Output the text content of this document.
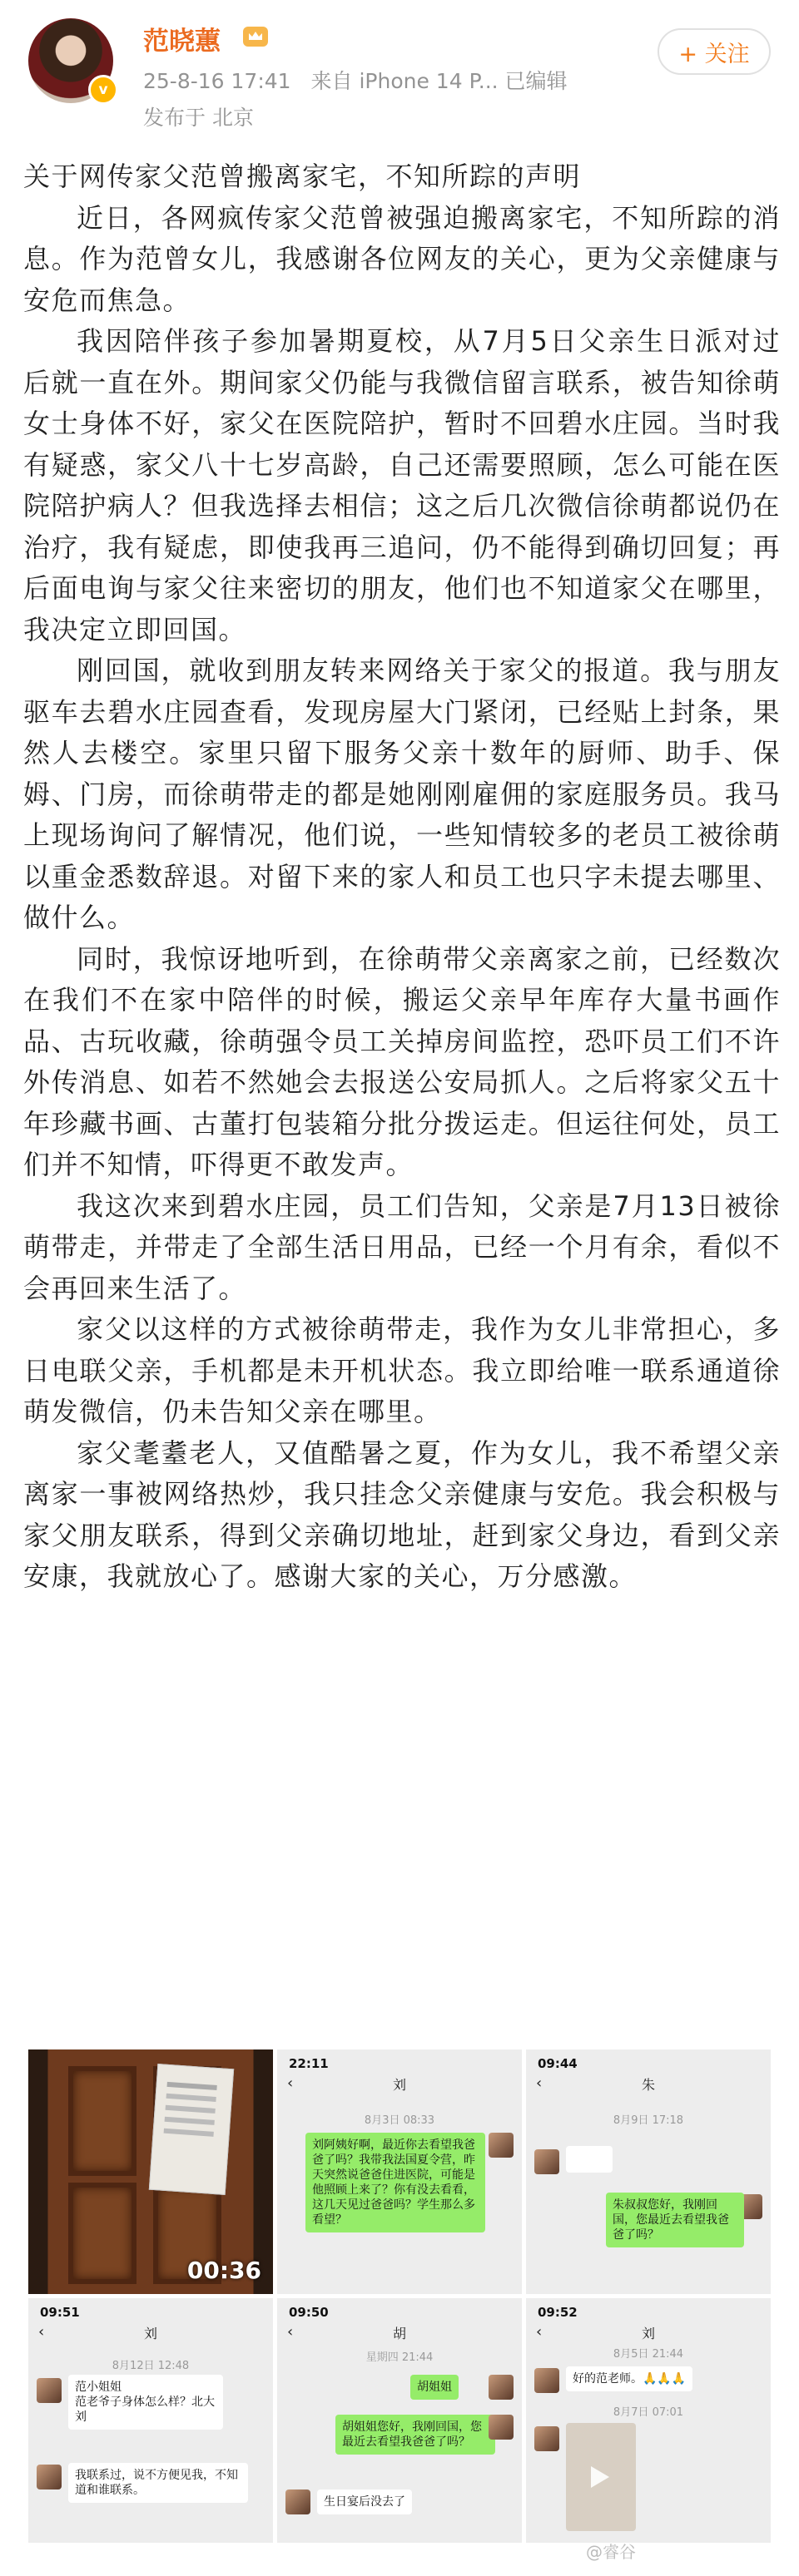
v
范晓蕙
25-8-16 17:41 来自 iPhone 14 P... 已编辑
发布于 北京
+ 关注

关于网传家父范曾搬离家宅，不知所踪的声明

近日，各网疯传家父范曾被强迫搬离家宅，不知所踪的消息。作为范曾女儿，我感谢各位网友的关心，更为父亲健康与安危而焦急。

我因陪伴孩子参加暑期夏校，从7月5日父亲生日派对过后就一直在外。期间家父仍能与我微信留言联系，被告知徐萌女士身体不好，家父在医院陪护，暂时不回碧水庄园。当时我有疑惑，家父八十七岁高龄，自己还需要照顾，怎么可能在医院陪护病人？但我选择去相信；这之后几次微信徐萌都说仍在治疗，我有疑虑，即使我再三追问，仍不能得到确切回复；再后面电询与家父往来密切的朋友，他们也不知道家父在哪里，我决定立即回国。

刚回国，就收到朋友转来网络关于家父的报道。我与朋友驱车去碧水庄园查看，发现房屋大门紧闭，已经贴上封条，果然人去楼空。家里只留下服务父亲十数年的厨师、助手、保姆、门房，而徐萌带走的都是她刚刚雇佣的家庭服务员。我马上现场询问了解情况，他们说，一些知情较多的老员工被徐萌以重金悉数辞退。对留下来的家人和员工也只字未提去哪里、做什么。

同时，我惊讶地听到，在徐萌带父亲离家之前，已经数次在我们不在家中陪伴的时候，搬运父亲早年库存大量书画作品、古玩收藏，徐萌强令员工关掉房间监控，恐吓员工们不许外传消息、如若不然她会去报送公安局抓人。之后将家父五十年珍藏书画、古董打包装箱分批分拨运走。但运往何处，员工们并不知情，吓得更不敢发声。

我这次来到碧水庄园，员工们告知，父亲是7月13日被徐萌带走，并带走了全部生活日用品，已经一个月有余，看似不会再回来生活了。

家父以这样的方式被徐萌带走，我作为女儿非常担心，多日电联父亲，手机都是未开机状态。我立即给唯一联系通道徐萌发微信，仍未告知父亲在哪里。

家父耄耋老人，又值酷暑之夏，作为女儿，我不希望父亲离家一事被网络热炒，我只挂念父亲健康与安危。我会积极与家父朋友联系，得到父亲确切地址，赶到家父身边，看到父亲安康，我就放心了。感谢大家的关心，万分感激。

00:36
22:11
‹	刘
8月3日 08:33
刘阿姨好啊，最近你去看望我爸爸了吗？我带我法国夏令营，昨天突然说爸爸住进医院，可能是他照顾上来了？你有没去看看，这几天见过爸爸吗？学生那么多看望？
09:44
‹	朱
8月9日 17:18
朱叔叔您好，我刚回国，您最近去看望我爸爸了吗？
09:51
‹	刘
8月12日 12:48
范小姐姐
范老爷子身体怎么样？北大刘
我联系过，说不方便见我，不知道和谁联系。
09:50
‹	胡
星期四 21:44
胡姐姐
胡姐姐您好，我刚回国，您最近去看望我爸爸了吗？
生日宴后没去了
09:52
‹	刘
8月5日 21:44
好的范老师。🙏🙏🙏
8月7日 07:01
@睿谷
